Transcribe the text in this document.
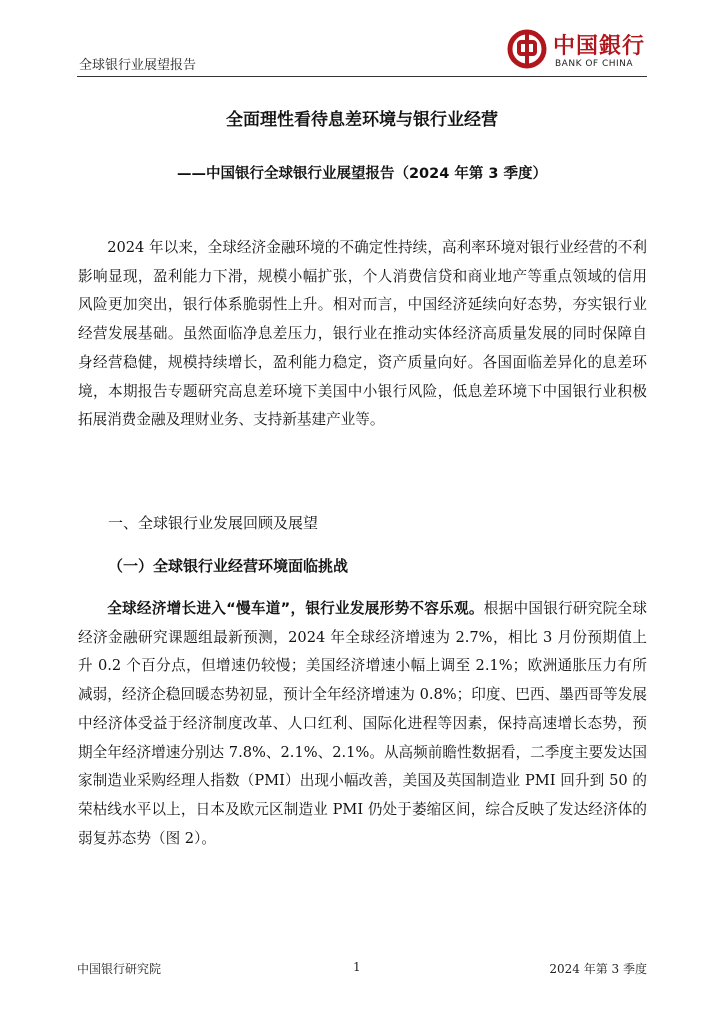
全球银行业展望报告
中国銀行
BANK OF CHINA
全面理性看待息差环境与银行业经营
——中国银行全球银行业展望报告（2024 年第 3 季度）

2024 年以来，全球经济金融环境的不确定性持续，高利率环境对银行业经营的不利影响显现，盈利能力下滑，规模小幅扩张，个人消费信贷和商业地产等重点领域的信用风险更加突出，银行体系脆弱性上升。相对而言，中国经济延续向好态势，夯实银行业经营发展基础。虽然面临净息差压力，银行业在推动实体经济高质量发展的同时保障自身经营稳健，规模持续增长，盈利能力稳定，资产质量向好。各国面临差异化的息差环境，本期报告专题研究高息差环境下美国中小银行风险，低息差环境下中国银行业积极拓展消费金融及理财业务、支持新基建产业等。

一、全球银行业发展回顾及展望
（一）全球银行业经营环境面临挑战

全球经济增长进入“慢车道”，银行业发展形势不容乐观。根据中国银行研究院全球经济金融研究课题组最新预测，2024 年全球经济增速为 2.7%，相比 3 月份预期值上升 0.2 个百分点，但增速仍较慢；美国经济增速小幅上调至 2.1%；欧洲通胀压力有所减弱，经济企稳回暖态势初显，预计全年经济增速为 0.8%；印度、巴西、墨西哥等发展中经济体受益于经济制度改革、人口红利、国际化进程等因素，保持高速增长态势，预期全年经济增速分别达 7.8%、2.1%、2.1%。从高频前瞻性数据看，二季度主要发达国家制造业采购经理人指数（PMI）出现小幅改善，美国及英国制造业 PMI 回升到 50 的荣枯线水平以上，日本及欧元区制造业 PMI 仍处于萎缩区间，综合反映了发达经济体的弱复苏态势（图 2）。

中国银行研究院	1	2024 年第 3 季度
